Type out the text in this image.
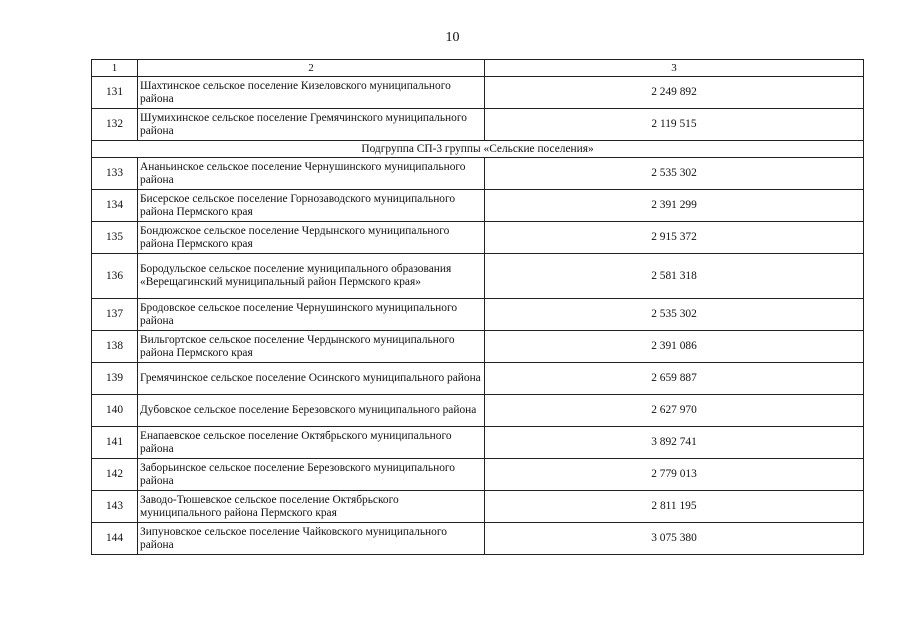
10
1	2	3
131	Шахтинское сельское поселение Кизеловского муниципального района	2 249 892
132	Шумихинское сельское поселение Гремячинского муниципального района	2 119 515
Подгруппа СП-3 группы «Сельские поселения»		
133	Ананьинское сельское поселение Чернушинского муниципального района	2 535 302
134	Бисерское сельское поселение Горнозаводского муниципального района Пермского края	2 391 299
135	Бондюжское сельское поселение Чердынского муниципального района Пермского края	2 915 372
136	Бородульское сельское поселение муниципального образования «Верещагинский муниципальный район Пермского края»	2 581 318
137	Бродовское сельское поселение Чернушинского муниципального района	2 535 302
138	Вильгортское сельское поселение Чердынского муниципального района Пермского края	2 391 086
139	Гремячинское сельское поселение Осинского муниципального района	2 659 887
140	Дубовское сельское поселение Березовского муниципального района	2 627 970
141	Енапаевское сельское поселение Октябрьского муниципального района	3 892 741
142	Заборьинское сельское поселение Березовского муниципального района	2 779 013
143	Заводо-Тюшевское сельское поселение Октябрьского муниципального района Пермского края	2 811 195
144	Зипуновское сельское поселение Чайковского муниципального района	3 075 380
